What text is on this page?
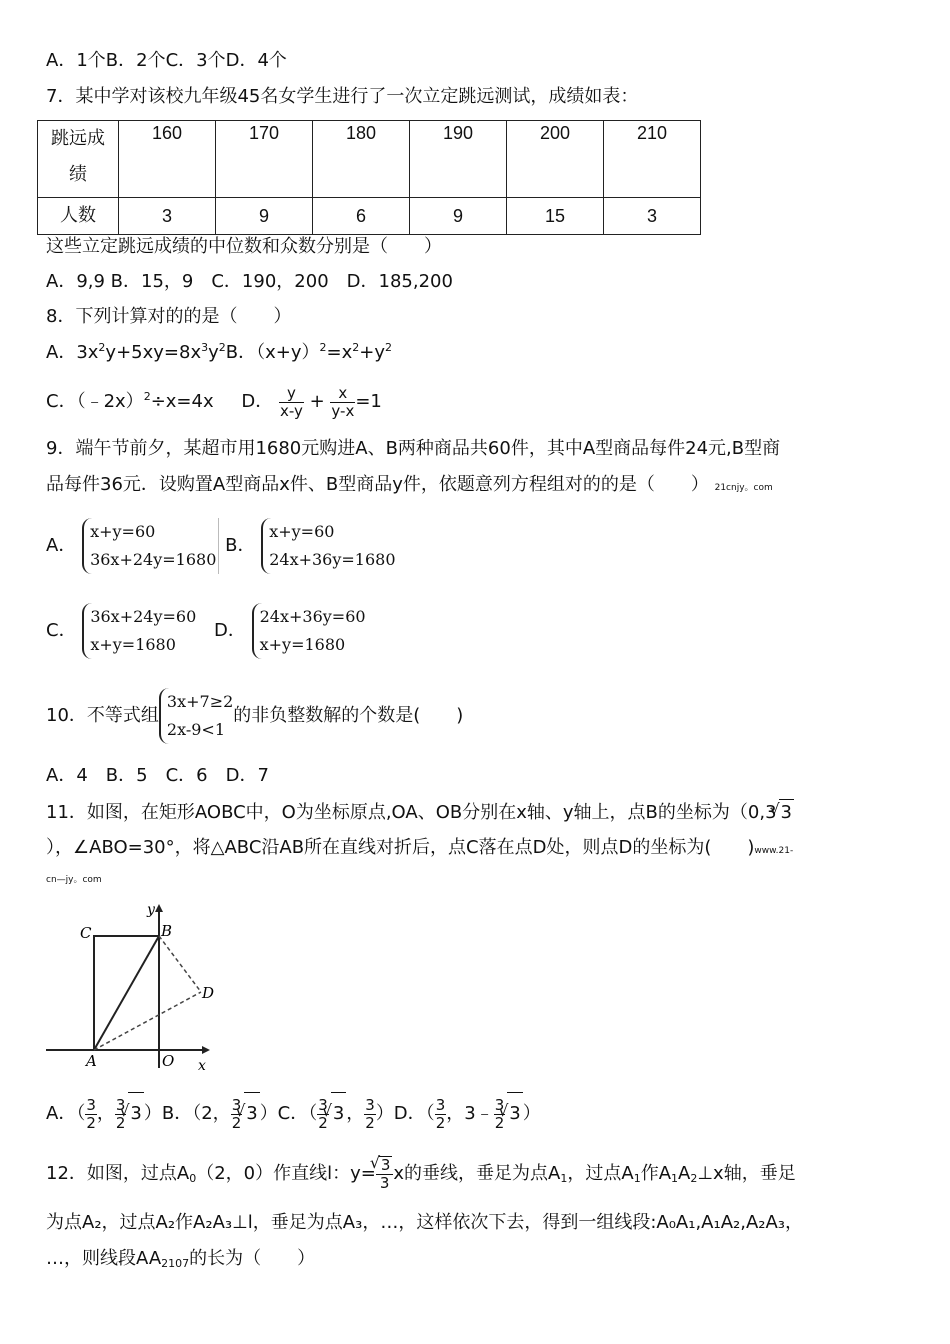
A．1个B．2个C．3个D．4个
7．某中学对该校九年级45名女学生进行了一次立定跳远测试，成绩如表：
跳远成
绩	160	170	180	190	200	210
人数	3	9	6	9	15	3
这些立定跳远成绩的中位数和众数分别是（　　）
A．9,9 B．15，9　C．190，200　D．185,200
8．下列计算对的的是（　　）
A．$3x^2y+5xy=8x^3y^2B$．$(x+y)^2=x^2+y^2$
C．（﹣2x）$^2$÷x=4x D． $\frac{y}{x-y} + \frac{x}{y-x} =1$
9．端午节前夕，某超市用1680元购进A、B两种商品共60件，其中A型商品每件24元,B型商
品每件36元．设购置A型商品x件、B型商品y件，依题意列方程组对的的是（　　） 21cnjy。com
A．
x+y=60
36x+24y=1680
B．
x+y=60
24x+36y=1680
C．
36x+24y=60
x+y=1680
D．
24x+36y=60
x+y=1680
10．不等式组
3x+7≥2
2x-9<1
的非负整数解的个数是(　　)
A．4　B．5　C．6　D．7
11．如图，在矩形AOBC中，O为坐标原点,OA、OB分别在x轴、y轴上，点B的坐标为（0,3 √ 3
），∠ABO=30°，将△ABC沿AB所在直线对折后，点C落在点D处，则点D的坐标为(　　)www.21-
cn—jy。com
C	B
D
A	O x
y
A．（ $\frac{3}{2}$ ， $\frac{3}{2}$ √ 3 ）B．（2， $\frac{3}{2}$ √ 3 ）C．（ $\frac{3}{2}$ √ 3 ， $\frac{3}{2} )D$．（ $\frac{3}{2}$ ，3﹣ $\frac{3}{2}$ √ 3 ）
12．如图，过点$A_0(2$，0）作直线l：y= √ $\frac{3}{3}$ x的垂线，垂足为点$A_1$，过点$A_1$作$A_1A_2\perp x$轴，垂足
为点A₂，过点A₂作A₂A₃⊥l，垂足为点A₃，…，这样依次下去，得到一组线段:A₀A₁,A₁A₂,A₂A₃，
…，则线段$AA_{2107}$的长为（　　）
